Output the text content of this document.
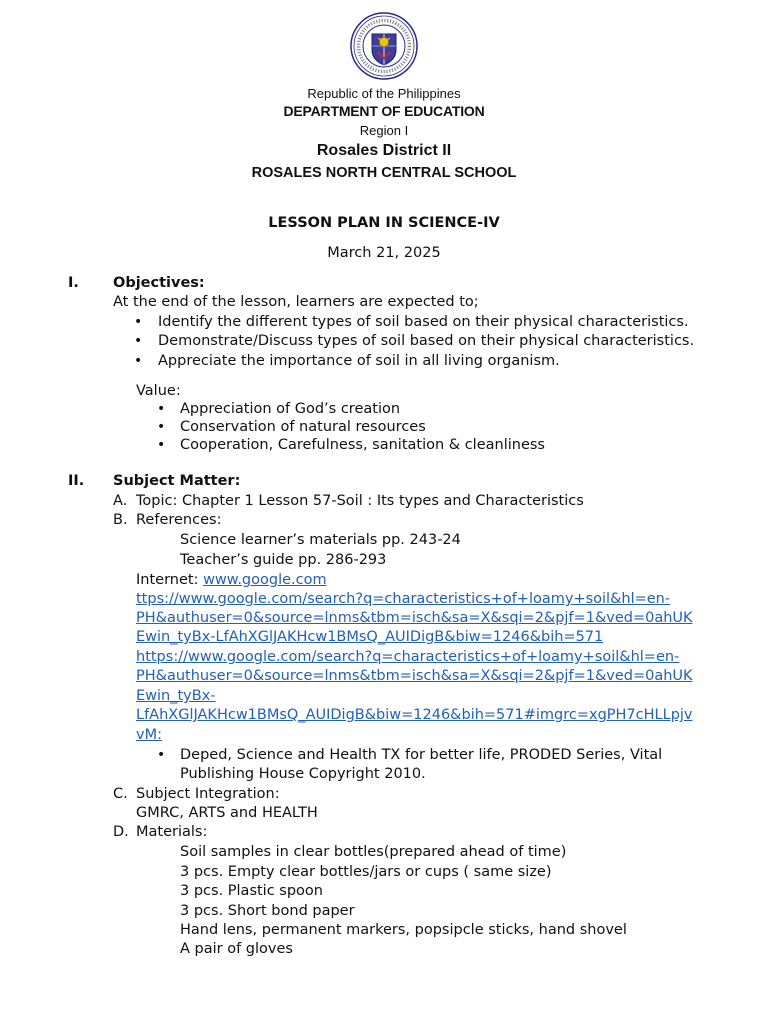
Republic of the Philippines
DEPARTMENT OF EDUCATION
Region I
Rosales District II
ROSALES NORTH CENTRAL SCHOOL
LESSON PLAN IN SCIENCE-IV
March 21, 2025
I. Objectives:
At the end of the lesson, learners are expected to;
• Identify the different types of soil based on their physical characteristics.
• Demonstrate/Discuss types of soil based on their physical characteristics.
• Appreciate the importance of soil in all living organism.
Value:
• Appreciation of God’s creation
• Conservation of natural resources
• Cooperation, Carefulness, sanitation & cleanliness
II. Subject Matter:
A. Topic: Chapter 1 Lesson 57-Soil : Its types and Characteristics
B. References:
Science learner’s materials pp. 243-24
Teacher’s guide pp. 286-293
Internet: www.google.com
ttps://www.google.com/search?q=characteristics+of+loamy+soil&hl=en-
PH&authuser=0&source=lnms&tbm=isch&sa=X&sqi=2&pjf=1&ved=0ahUK
Ewin_tyBx-LfAhXGlJAKHcw1BMsQ_AUIDigB&biw=1246&bih=571
https://www.google.com/search?q=characteristics+of+loamy+soil&hl=en-
PH&authuser=0&source=lnms&tbm=isch&sa=X&sqi=2&pjf=1&ved=0ahUK
Ewin_tyBx-
LfAhXGlJAKHcw1BMsQ_AUIDigB&biw=1246&bih=571#imgrc=xgPH7cHLLpjv
vM:
• Deped, Science and Health TX for better life, PRODED Series, Vital
Publishing House Copyright 2010.
C. Subject Integration:
GMRC, ARTS and HEALTH
D. Materials:
Soil samples in clear bottles(prepared ahead of time)
3 pcs. Empty clear bottles/jars or cups ( same size)
3 pcs. Plastic spoon
3 pcs. Short bond paper
Hand lens, permanent markers, popsipcle sticks, hand shovel
A pair of gloves
